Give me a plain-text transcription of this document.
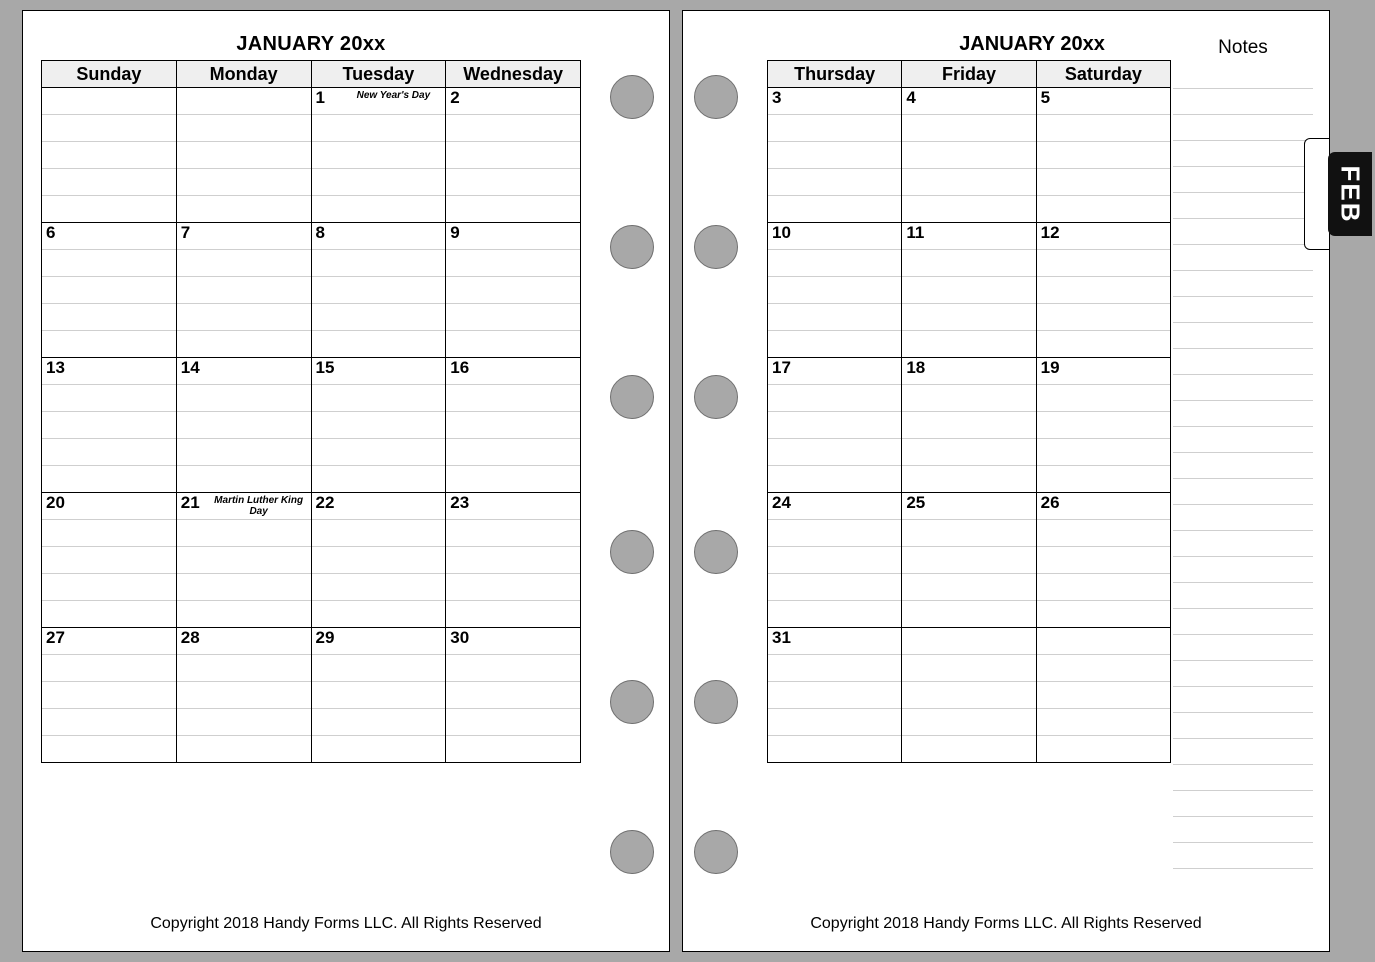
JANUARY 20xx
Sunday	Monday	Tuesday	Wednesday

		1 New Year's Day	2

6	7	8	9

13	14	15	16

20	21 Martin Luther King Day	22	23

27	28	29	30

Copyright 2018 Handy Forms LLC. All Rights Reserved
JANUARY 20xx
Thursday	Friday	Saturday

3	4	5

10	11	12

17	18	19

24	25	26

31		

Notes
Copyright 2018 Handy Forms LLC. All Rights Reserved
FEB
